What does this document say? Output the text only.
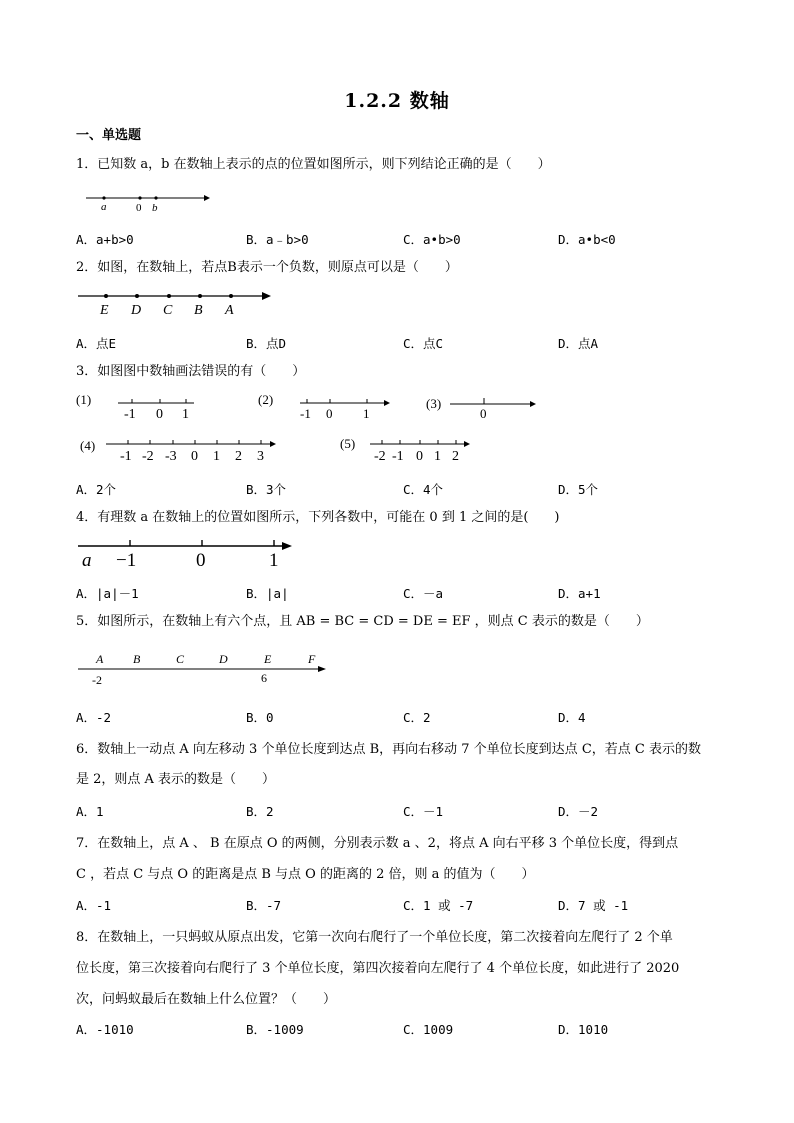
1.2.2 数轴
一、单选题
1．已知数 a，b 在数轴上表示的点的位置如图所示，则下列结论正确的是（　　）
a	0 b
A．a+b>0	B．a﹣b>0	C．a•b>0	D．a•b<0
2．如图，在数轴上，若点B表示一个负数，则原点可以是（　　）
E D C B A
A．点E	B．点D	C．点C	D．点A
3．如图图中数轴画法错误的有（　　）
(1)
-1 0 1
(2)
-1 0 1
(3)
0
(4)
-1 -2 -3 0 1 2 3
(5)
-2 -1 0 1 2
A．2个	B．3个	C．4个	D．5个
4．有理数 a 在数轴上的位置如图所示，下列各数中，可能在 0 到 1 之间的是(　　)
a −1	0	1
A．|a|－1	B．|a|	C．－a	D．a+1
5．如图所示，在数轴上有六个点，且 AB = BC = CD = DE = EF ，则点 C 表示的数是（　　）
A B	C	D	E	F
-2	6
A．-2	B．0	C．2	D．4
6．数轴上一动点 A 向左移动 3 个单位长度到达点 B，再向右移动 7 个单位长度到达点 C，若点 C 表示的数
是 2，则点 A 表示的数是（　　）
A．1	B．2	C．－1	D．－2
7．在数轴上，点 A 、 B 在原点 O 的两侧，分别表示数 a 、2，将点 A 向右平移 3 个单位长度，得到点
C ，若点 C 与点 O 的距离是点 B 与点 O 的距离的 2 倍，则 a 的值为（　　）
A．-1	B．-7	C．1 或 -7	D．7 或 -1
8．在数轴上，一只蚂蚁从原点出发，它第一次向右爬行了一个单位长度，第二次接着向左爬行了 2 个单
位长度，第三次接着向右爬行了 3 个单位长度，第四次接着向左爬行了 4 个单位长度，如此进行了 2020
次，问蚂蚁最后在数轴上什么位置？（　　）
A．-1010	B．-1009	C．1009	D．1010
